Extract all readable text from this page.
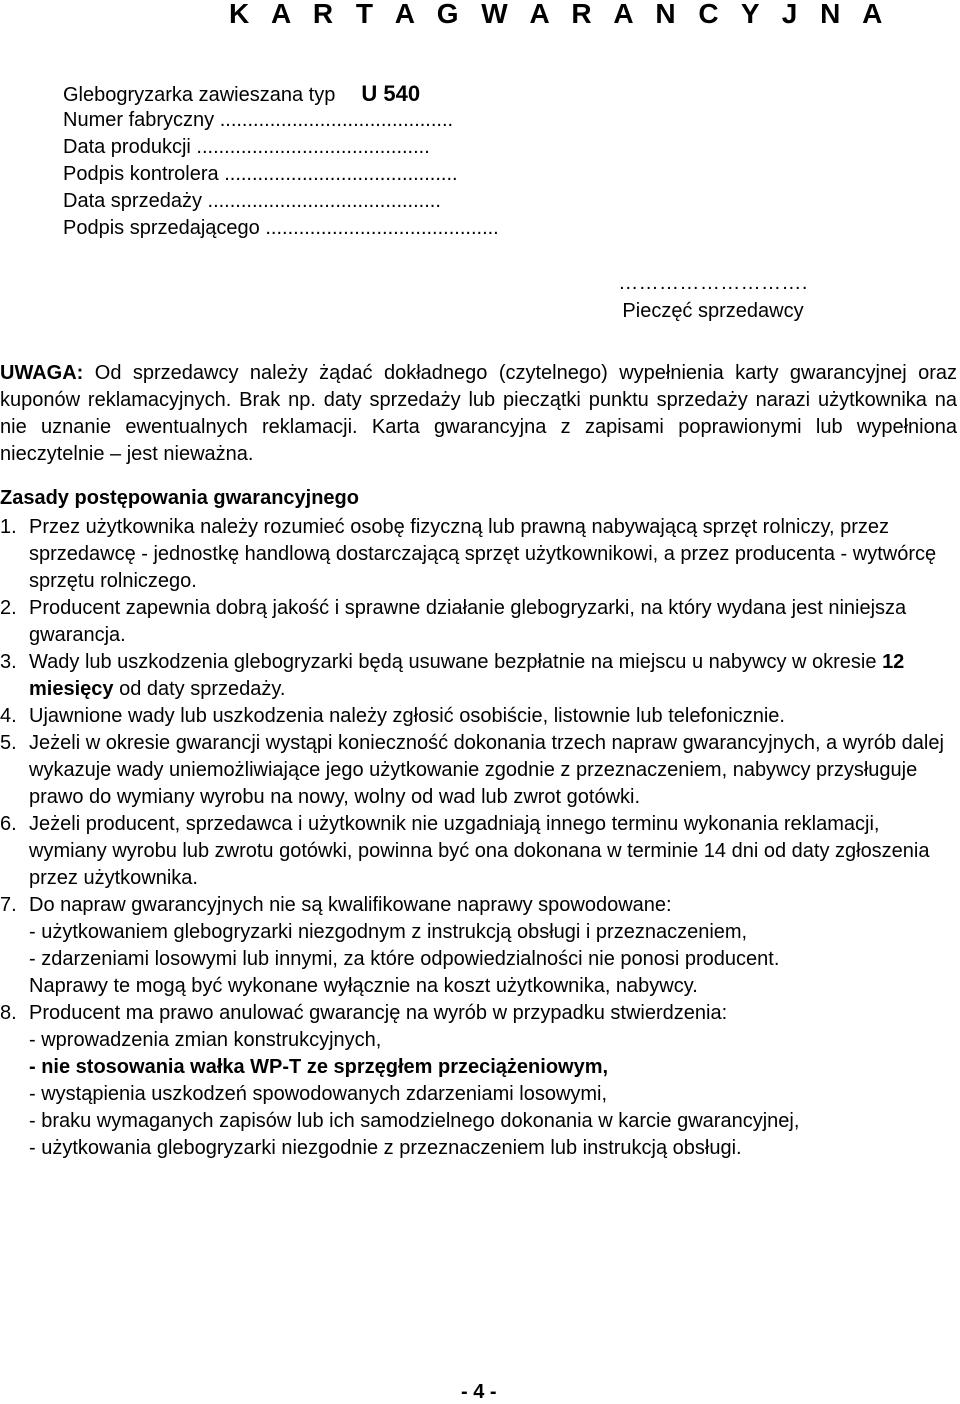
K A R T A G W A R A N C Y J N A
Glebogryzarka zawieszana typ U 540
Numer fabryczny ..........................................
Data produkcji ..........................................
Podpis kontrolera ..........................................
Data sprzedaży ..........................................
Podpis sprzedającego ..........................................
……………………….
Pieczęć sprzedawcy
UWAGA: Od sprzedawcy należy żądać dokładnego (czytelnego) wypełnienia karty gwarancyjnej oraz kuponów reklamacyjnych. Brak np. daty sprzedaży lub pieczątki punktu sprzedaży narazi użytkownika na nie uznanie ewentualnych reklamacji. Karta gwarancyjna z zapisami poprawionymi lub wypełniona nieczytelnie – jest nieważna.
Zasady postępowania gwarancyjnego
1. Przez użytkownika należy rozumieć osobę fizyczną lub prawną nabywającą sprzęt rolniczy, przez sprzedawcę - jednostkę handlową dostarczającą sprzęt użytkownikowi, a przez producenta - wytwórcę sprzętu rolniczego.
2. Producent zapewnia dobrą jakość i sprawne działanie glebogryzarki, na który wydana jest niniejsza gwarancja.
3. Wady lub uszkodzenia glebogryzarki będą usuwane bezpłatnie na miejscu u nabywcy w okresie 12 miesięcy od daty sprzedaży.
4. Ujawnione wady lub uszkodzenia należy zgłosić osobiście, listownie lub telefonicznie.
5. Jeżeli w okresie gwarancji wystąpi konieczność dokonania trzech napraw gwarancyjnych, a wyrób dalej wykazuje wady uniemożliwiające jego użytkowanie zgodnie z przeznaczeniem, nabywcy przysługuje prawo do wymiany wyrobu na nowy, wolny od wad lub zwrot gotówki.
6. Jeżeli producent, sprzedawca i użytkownik nie uzgadniają innego terminu wykonania reklamacji, wymiany wyrobu lub zwrotu gotówki, powinna być ona dokonana w terminie 14 dni od daty zgłoszenia przez użytkownika.
7. Do napraw gwarancyjnych nie są kwalifikowane naprawy spowodowane:
- użytkowaniem glebogryzarki niezgodnym z instrukcją obsługi i przeznaczeniem,
- zdarzeniami losowymi lub innymi, za które odpowiedzialności nie ponosi producent.
Naprawy te mogą być wykonane wyłącznie na koszt użytkownika, nabywcy.
8. Producent ma prawo anulować gwarancję na wyrób w przypadku stwierdzenia:
- wprowadzenia zmian konstrukcyjnych,
- nie stosowania wałka WP-T ze sprzęgłem przeciążeniowym,
- wystąpienia uszkodzeń spowodowanych zdarzeniami losowymi,
- braku wymaganych zapisów lub ich samodzielnego dokonania w karcie gwarancyjnej,
- użytkowania glebogryzarki niezgodnie z przeznaczeniem lub instrukcją obsługi.
- 4 -
